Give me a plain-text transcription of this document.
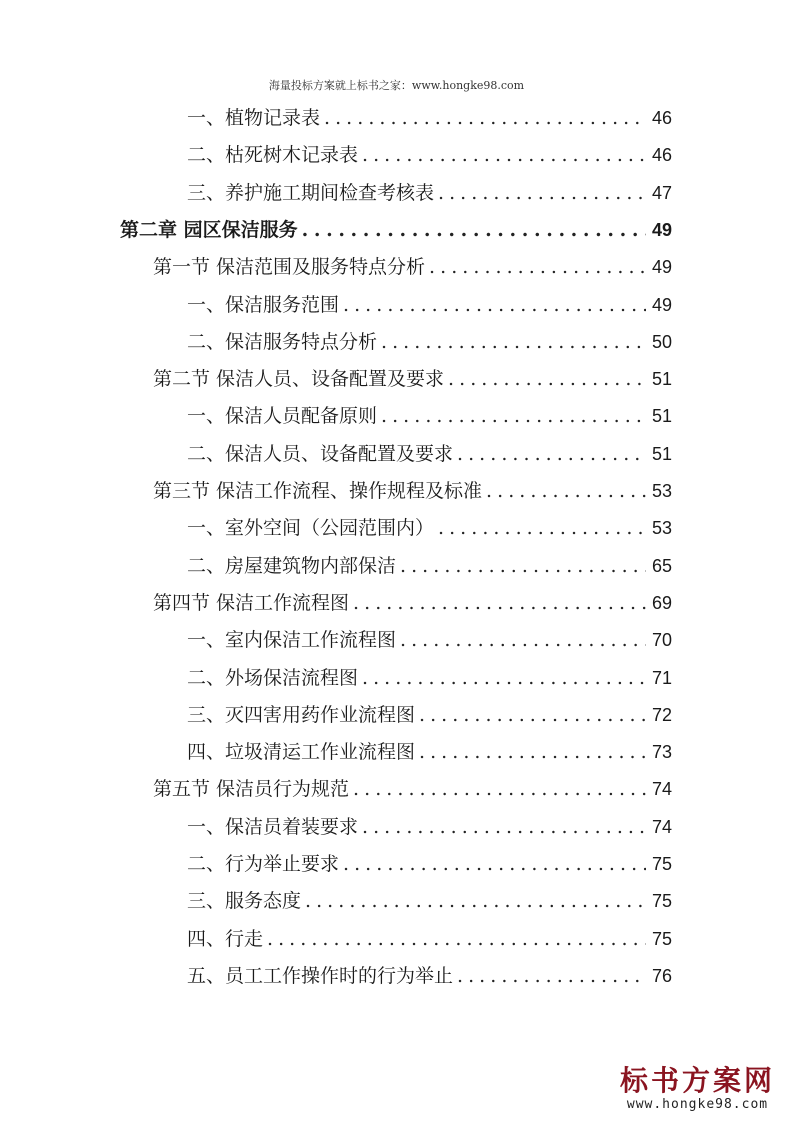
海量投标方案就上标书之家：www.hongke98.com
一、植物记录表 . . .	46
二、枯死树木记录表 . . .	46
三、养护施工期间检查考核表 . . .	47
第二章 园区保洁服务 . . .	49
第一节 保洁范围及服务特点分析 . . .	49
一、保洁服务范围 . . .	49
二、保洁服务特点分析 . . .	50
第二节 保洁人员、设备配置及要求 . . .	51
一、保洁人员配备原则 . . .	51
二、保洁人员、设备配置及要求 . . .	51
第三节 保洁工作流程、操作规程及标准 . . .	53
一、室外空间（公园范围内） . . .	53
二、房屋建筑物内部保洁 . . .	65
第四节 保洁工作流程图 . . .	69
一、室内保洁工作流程图 . . .	70
二、外场保洁流程图 . . .	71
三、灭四害用药作业流程图 . . .	72
四、垃圾清运工作业流程图 . . .	73
第五节 保洁员行为规范 . . .	74
一、保洁员着装要求 . . .	74
二、行为举止要求 . . .	75
三、服务态度 . . .	75
四、行走 . . .	75
五、员工工作操作时的行为举止 . . .	76
标书方案网
www.hongke98.com
